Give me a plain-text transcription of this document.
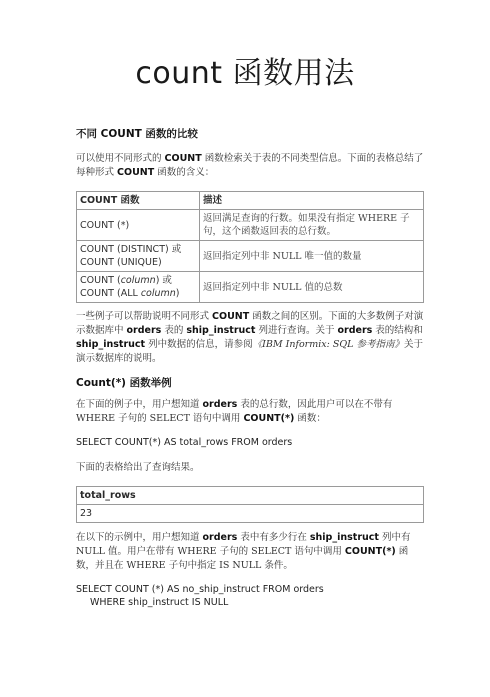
count 函数用法
不同 COUNT 函数的比较
可以使用不同形式的 COUNT 函数检索关于表的不同类型信息。下面的表格总结了每种形式 COUNT 函数的含义：
COUNT 函数	描述
COUNT (*)	返回满足查询的行数。如果没有指定 WHERE 子句，这个函数返回表的总行数。
COUNT (DISTINCT) 或 COUNT (UNIQUE)	返回指定列中非 NULL 唯一值的数量
COUNT (column) 或 COUNT (ALL column)	返回指定列中非 NULL 值的总数
一些例子可以帮助说明不同形式 COUNT 函数之间的区别。下面的大多数例子对演示数据库中 orders 表的 ship_instruct 列进行查询。关于 orders 表的结构和 ship_instruct 列中数据的信息，请参阅《IBM Informix: SQL 参考指南》关于演示数据库的说明。
Count(*) 函数举例
在下面的例子中，用户想知道 orders 表的总行数，因此用户可以在不带有 WHERE 子句的 SELECT 语句中调用 COUNT(*) 函数：
SELECT COUNT(*) AS total_rows FROM orders
下面的表格给出了查询结果。
total_rows
23
在以下的示例中，用户想知道 orders 表中有多少行在 ship_instruct 列中有 NULL 值。用户在带有 WHERE 子句的 SELECT 语句中调用 COUNT(*) 函数，并且在 WHERE 子句中指定 IS NULL 条件。
SELECT COUNT (*) AS no_ship_instruct FROM orders
WHERE ship_instruct IS NULL
